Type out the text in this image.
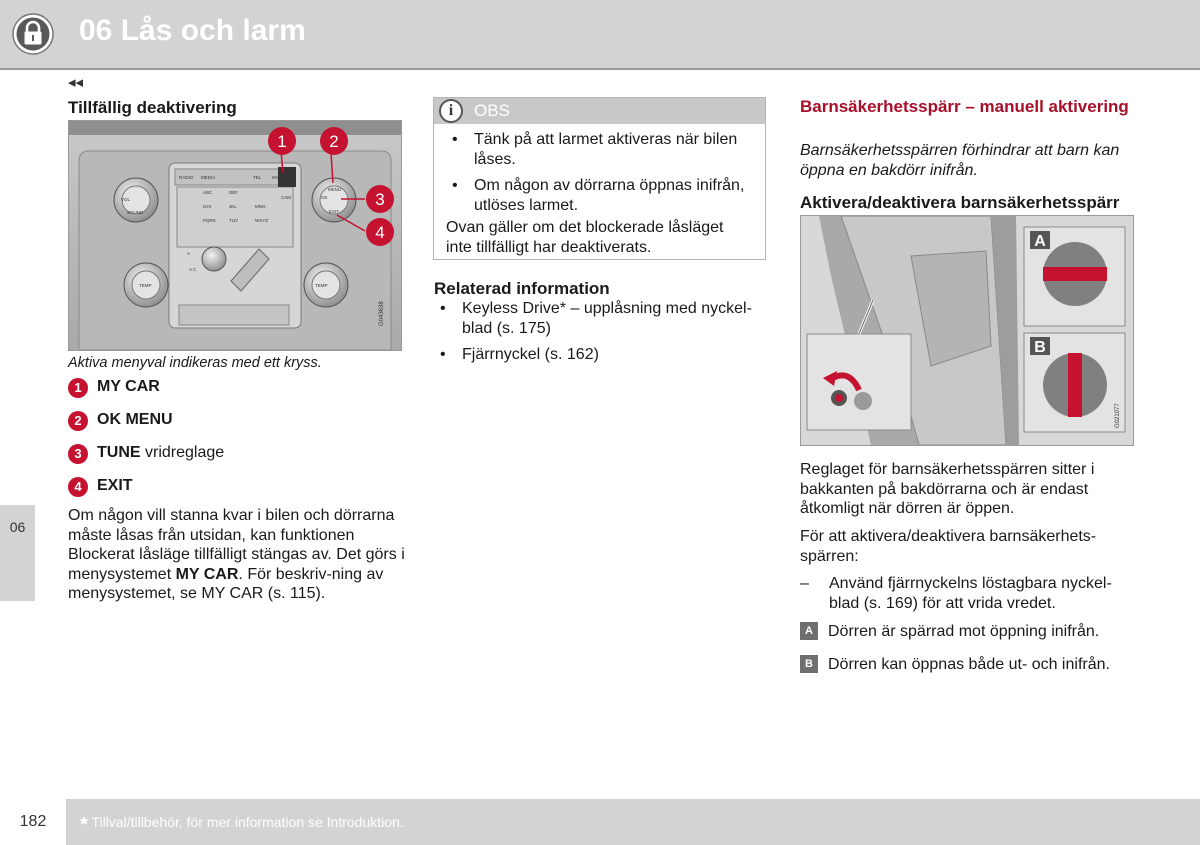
06 Lås och larm
◂◂
06
Tillfällig deaktivering
G043638
RADIO MEDIA	TEL MY CAR
MENU
OK
EXIT
VOL
SOUND
CAM
TEMP	TEMP
A C
A
ABC	DEF
GHI	JKL	MNO
PQRS	TUV	WXYZ
1	2
3
4
Aktiva menyval indikeras med ett kryss.
1 MY CAR
2 OK MENU
3 TUNE vridreglage
4 EXIT
Om någon vill stanna kvar i bilen och dörrarna måste låsas från utsidan, kan funktionen Blockerat låsläge tillfälligt stängas av. Det görs i menysystemet MY CAR. För beskriv-ning av menysystemet, se MY CAR (s. 115).
i	OBS
• Tänk på att larmet aktiveras när bilen låses.
• Om någon av dörrarna öppnas inifrån, utlöses larmet.
Ovan gäller om det blockerade låsläget inte tillfälligt har deaktiverats.
Relaterad information
• Keyless Drive* – upplåsning med nyckel-blad (s. 175)
• Fjärrnyckel (s. 162)
Barnsäkerhetsspärr – manuell aktivering
Barnsäkerhetsspärren förhindrar att barn kan öppna en bakdörr inifrån.
Aktivera/deaktivera barnsäkerhetsspärr
A
B
G021077
Reglaget för barnsäkerhetsspärren sitter i bakkanten på bakdörrarna och är endast åtkomligt när dörren är öppen.
För att aktivera/deaktivera barnsäkerhets-spärren:
–	Använd fjärrnyckelns löstagbara nyckel-blad (s. 169) för att vrida vredet.
A Dörren är spärrad mot öppning inifrån.
B Dörren kan öppnas både ut- och inifrån.
182	* Tillval/tillbehör, för mer information se Introduktion.
